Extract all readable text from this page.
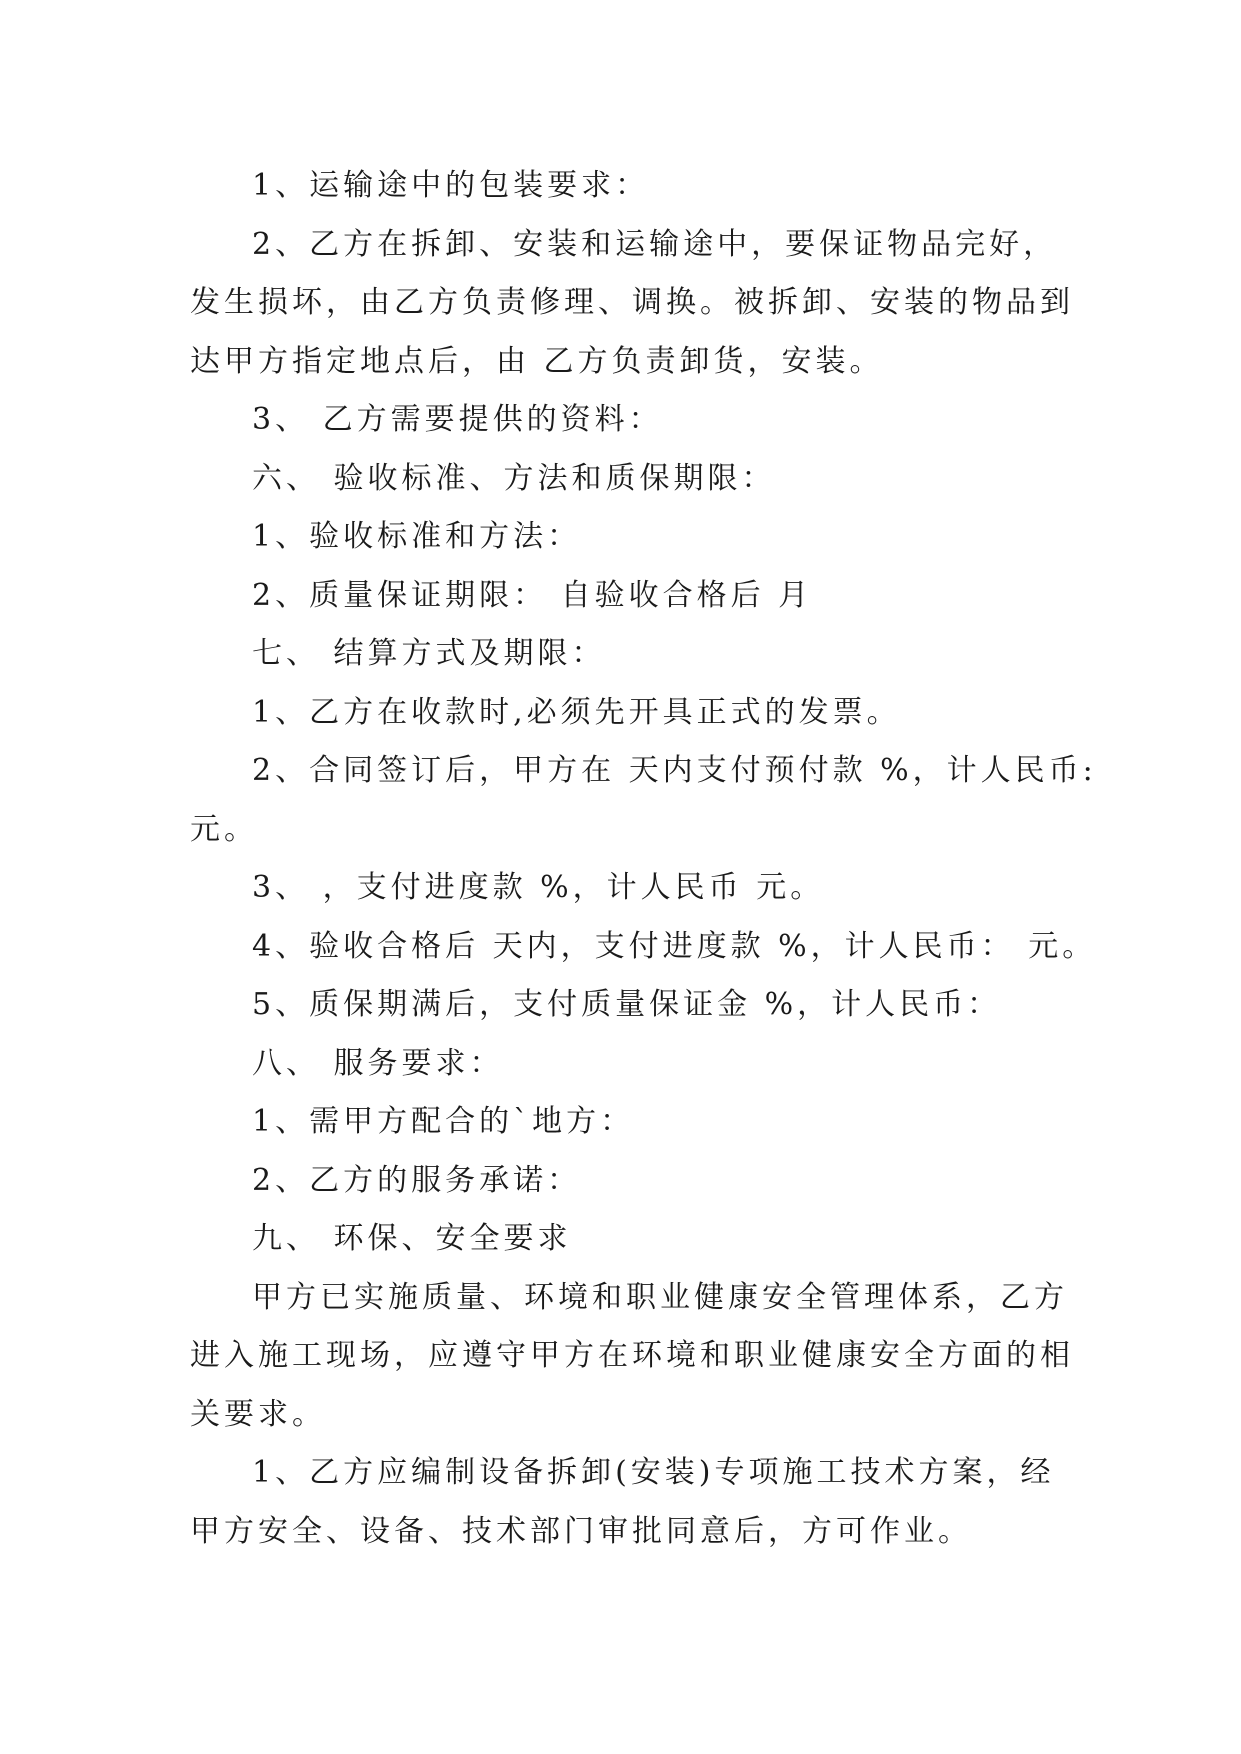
1、运输途中的包装要求：
2、乙方在拆卸、安装和运输途中，要保证物品完好，
发生损坏，由乙方负责修理、调换。被拆卸、安装的物品到
达甲方指定地点后，由 乙方负责卸货，安装。
3、 乙方需要提供的资料：
六、 验收标准、方法和质保期限：
1、验收标准和方法：
2、质量保证期限： 自验收合格后 月
七、 结算方式及期限：
1、乙方在收款时,必须先开具正式的发票。
2、合同签订后，甲方在 天内支付预付款 %，计人民币:
元。
3、 ，支付进度款 %，计人民币 元。
4、验收合格后 天内，支付进度款 %，计人民币： 元。
5、质保期满后，支付质量保证金 %，计人民币：
八、 服务要求：
1、需甲方配合的`地方：
2、乙方的服务承诺：
九、 环保、安全要求
甲方已实施质量、环境和职业健康安全管理体系，乙方
进入施工现场，应遵守甲方在环境和职业健康安全方面的相
关要求。
1、乙方应编制设备拆卸(安装)专项施工技术方案，经
甲方安全、设备、技术部门审批同意后，方可作业。
